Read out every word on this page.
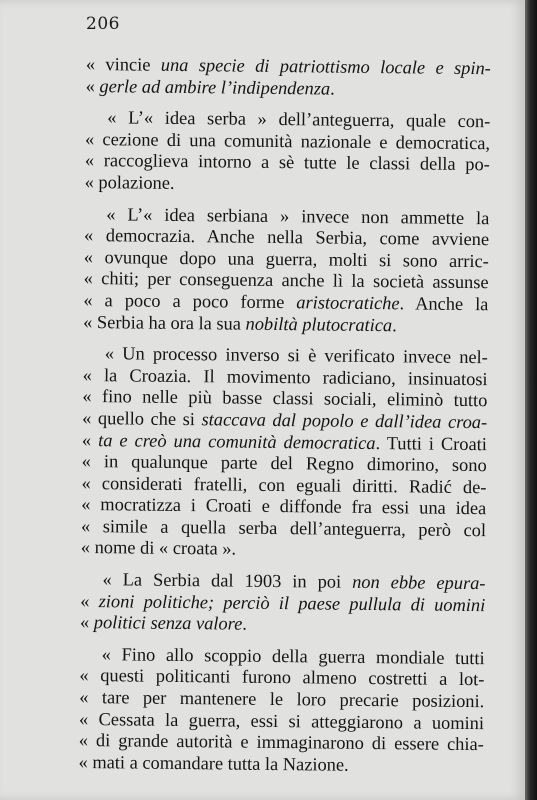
206
« vincie una specie di patriottismo locale e spin-
« gerle ad ambire l’indipendenza.
« L’« idea serba » dell’anteguerra, quale con-
« cezione di una comunità nazionale e democratica,
« raccoglieva intorno a sè tutte le classi della po-
« polazione.
« L’« idea serbiana » invece non ammette la
« democrazia. Anche nella Serbia, come avviene
« ovunque dopo una guerra, molti si sono arric-
« chiti; per conseguenza anche lì la società assunse
« a poco a poco forme aristocratiche. Anche la
« Serbia ha ora la sua nobiltà plutocratica.
« Un processo inverso si è verificato invece nel-
« la Croazia. Il movimento radiciano, insinuatosi
« fino nelle più basse classi sociali, eliminò tutto
« quello che si staccava dal popolo e dall’idea croa-
« ta e creò una comunità democratica. Tutti i Croati
« in qualunque parte del Regno dimorino, sono
« considerati fratelli, con eguali diritti. Radić de-
« mocratizza i Croati e diffonde fra essi una idea
« simile a quella serba dell’anteguerra, però col
« nome di « croata ».
« La Serbia dal 1903 in poi non ebbe epura-
« zioni politiche; perciò il paese pullula di uomini
« politici senza valore.
« Fino allo scoppio della guerra mondiale tutti
« questi politicanti furono almeno costretti a lot-
« tare per mantenere le loro precarie posizioni.
« Cessata la guerra, essi si atteggiarono a uomini
« di grande autorità e immaginarono di essere chia-
« mati a comandare tutta la Nazione.
